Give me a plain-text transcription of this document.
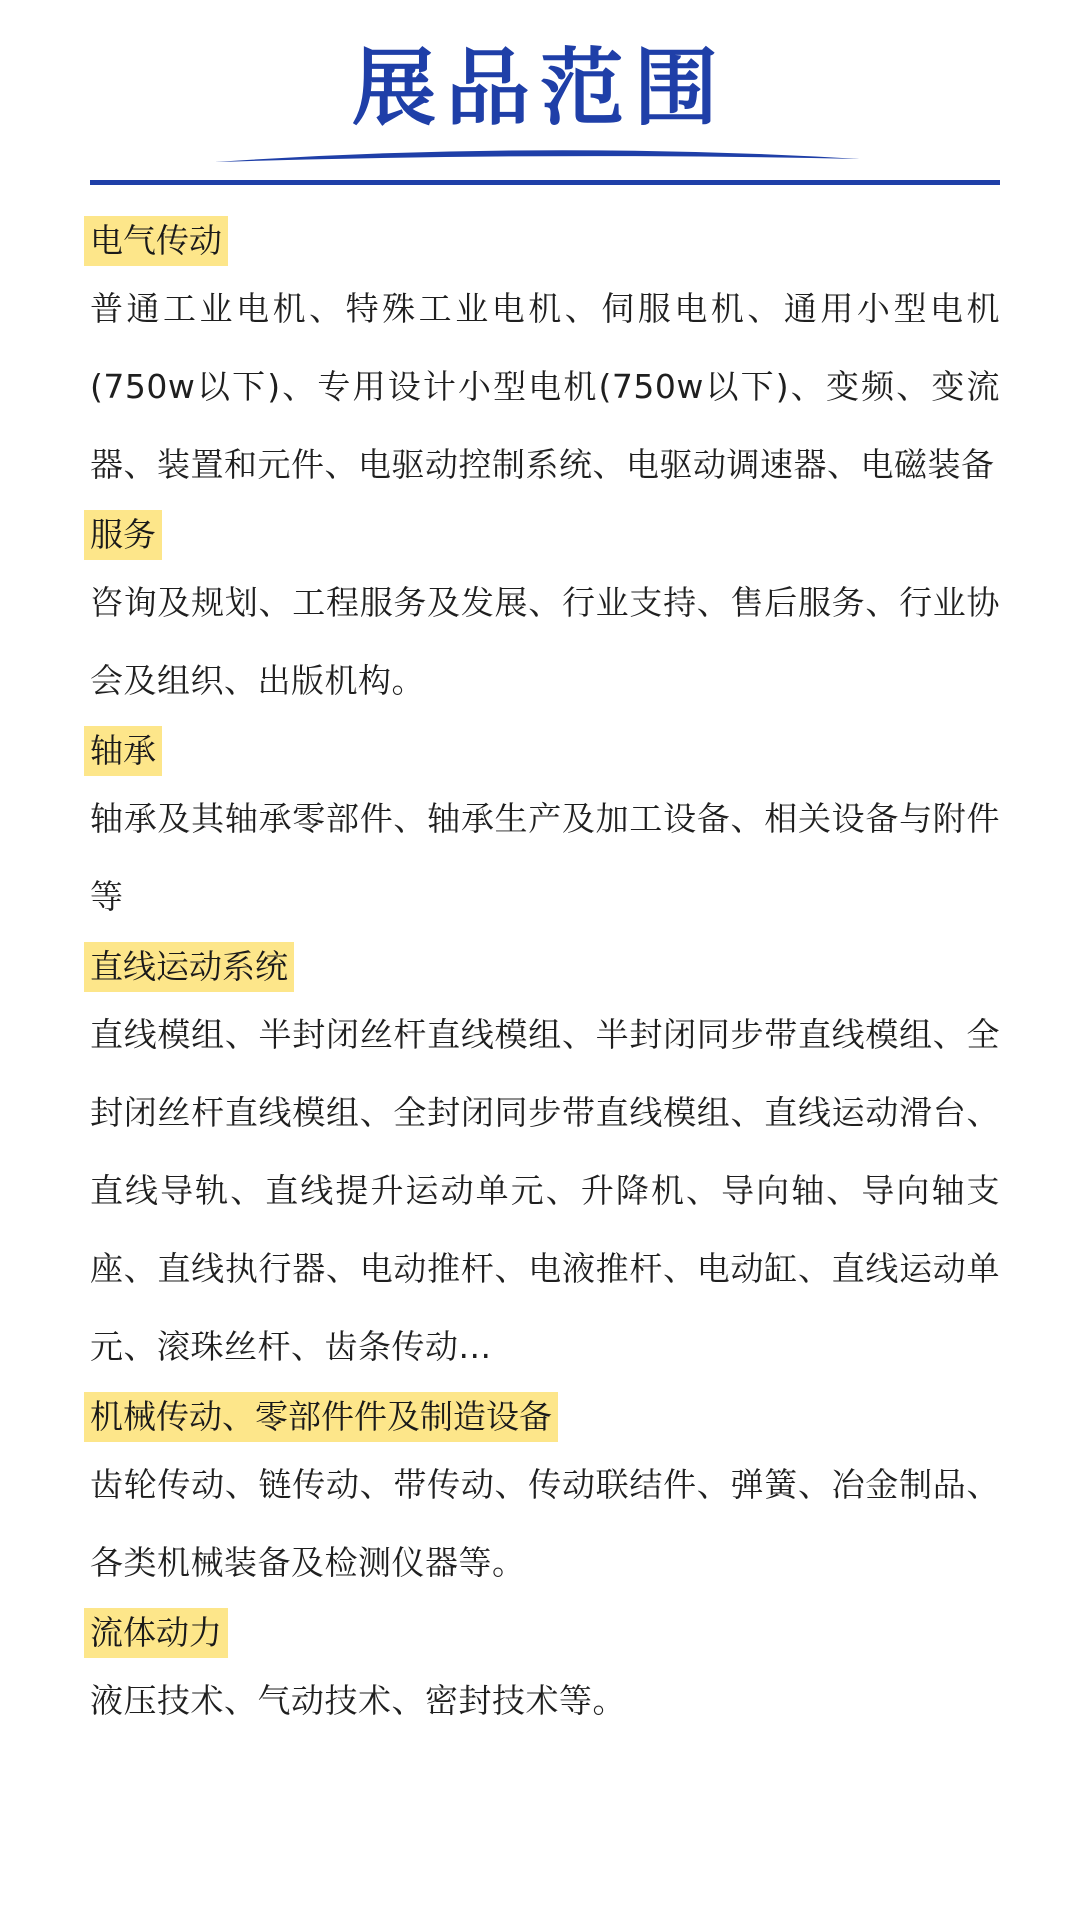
展品范围
电气传动

普通工业电机、特殊工业电机、伺服电机、通用小型电机(750w以下)、专用设计小型电机(750w以下)、变频、变流器、装置和元件、电驱动控制系统、电驱动调速器、电磁装备

服务

咨询及规划、工程服务及发展、行业支持、售后服务、行业协会及组织、出版机构。

轴承

轴承及其轴承零部件、轴承生产及加工设备、相关设备与附件等

直线运动系统

直线模组、半封闭丝杆直线模组、半封闭同步带直线模组、全封闭丝杆直线模组、全封闭同步带直线模组、直线运动滑台、直线导轨、直线提升运动单元、升降机、导向轴、导向轴支座、直线执行器、电动推杆、电液推杆、电动缸、直线运动单元、滚珠丝杆、齿条传动...

机械传动、零部件件及制造设备

齿轮传动、链传动、带传动、传动联结件、弹簧、冶金制品、各类机械装备及检测仪器等。

流体动力

液压技术、气动技术、密封技术等。
